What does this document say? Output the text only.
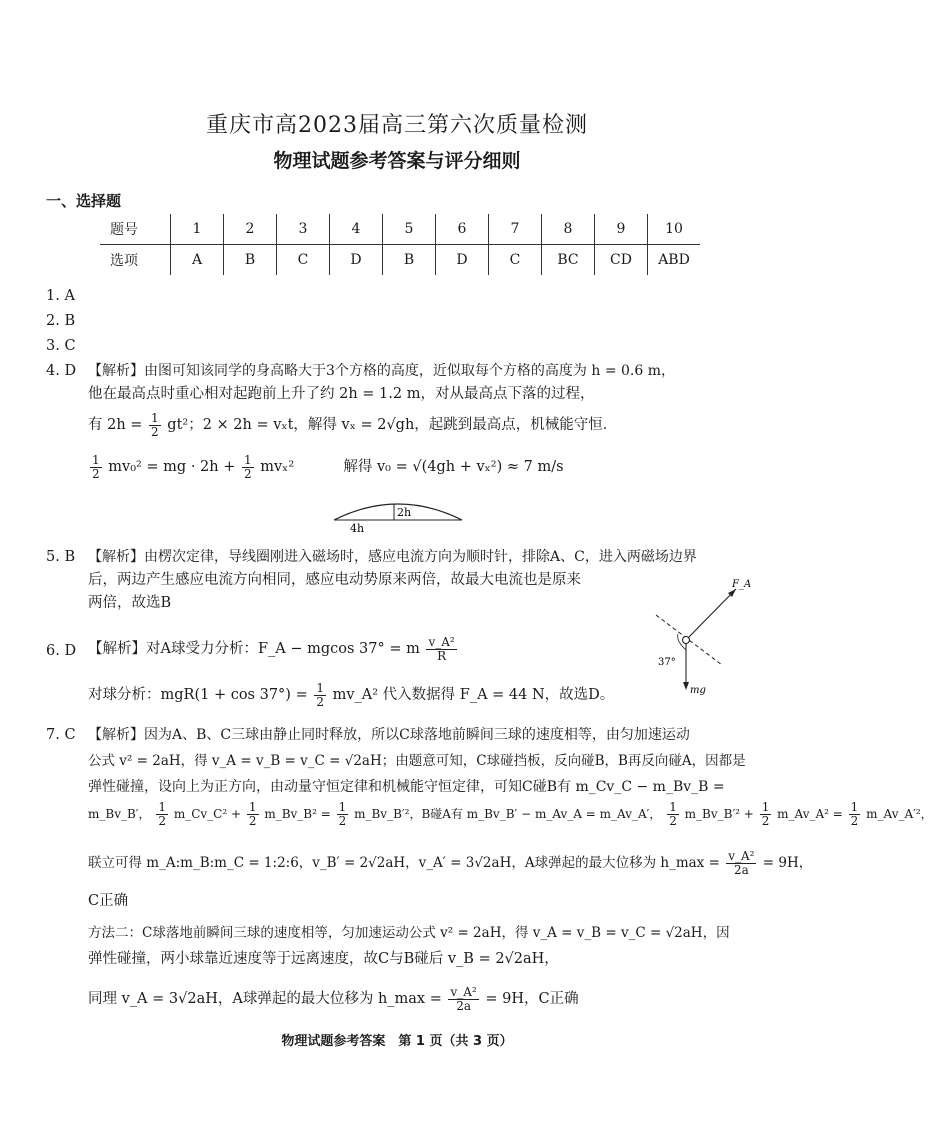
重庆市高2023届高三第六次质量检测
物理试题参考答案与评分细则
一、选择题
题号	1	2	3	4	5	6	7	8	9	10
选项	A	B	C	D	B	D	C	BC	CD	ABD
1. A
2. B
3. C
4. D 【解析】由图可知该同学的身高略大于3个方格的高度，近似取每个方格的高度为 h = 0.6 m，
他在最高点时重心相对起跑前上升了约 2h = 1.2 m，对从最高点下落的过程，
有 $2h = \frac{1}{2} gt^2$；2 × 2h = vₓt，解得 vₓ = 2√gh，起跳到最高点，机械能守恒．
$\frac{1}{2} mv_0^2$ = mg · $2h + \frac{1}{2} mv_x^2$	解得 v₀ = √(4gh + vₓ²) ≈ 7 m/s
2h
4h
5. B 【解析】由楞次定律，导线圈刚进入磁场时，感应电流方向为顺时针，排除A、C，进入两磁场边界
后，两边产生感应电流方向相同，感应电动势原来两倍，故最大电流也是原来
两倍，故选B
F_A
37°
mg
6. D 【解析】对A球受力分析：F_A − mgcos 37° = m $\frac{\text{v\_A²}}{R}$
对球分析：$mgR(1 + \cos 37^\circ) = \frac{1}{2}$ mv_A² 代入数据得 F_A = 44 N，故选D。
7. C 【解析】因为A、B、C三球由静止同时释放，所以C球落地前瞬间三球的速度相等，由匀加速运动
公式 v² = 2aH，得 v_A = v_B = v_C = √2aH；由题意可知，C球碰挡板，反向碰B，B再反向碰A，因都是
弹性碰撞，设向上为正方向，由动量守恒定律和机械能守恒定律，可知C碰B有 m_Cv_C − m_Bv_B =
m_Bv_B′， $\frac{1}{2}$ m_Cv_C² + $\frac{1}{2}$ m_Bv_B² = $\frac{1}{2}$ m_Bv_B′²，B碰A有 m_Bv_B′ − m_Av_A = m_Av_A′， $\frac{1}{2}$ m_Bv_B′² + $\frac{1}{2}$ m_Av_A² = $\frac{1}{2}$ m_Av_A′²，
联立可得 m_A:m_B:m_C = 1:2:6，v_B′ = 2√2aH，v_A′ = 3√2aH，A球弹起的最大位移为 h_max = $\frac{\text{v\_A²}}{2a} = 9H$，
C正确
方法二：C球落地前瞬间三球的速度相等，匀加速运动公式 v² = 2aH，得 v_A = v_B = v_C = √2aH，因
弹性碰撞，两小球靠近速度等于远离速度，故C与B碰后 v_B = 2√2aH，
同理 v_A = 3√2aH，A球弹起的最大位移为 h_max = $\frac{\text{v\_A²}}{2a} = 9H$，C正确
物理试题参考答案　第 1 页（共 3 页）
